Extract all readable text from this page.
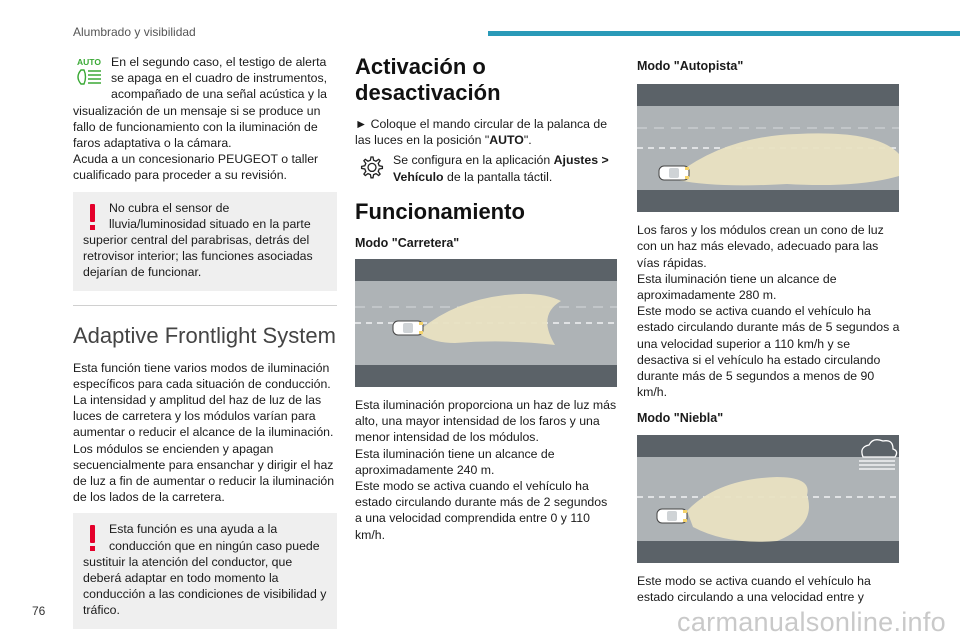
Alumbrado y visibilidad
AUTO En el segundo caso, el testigo de alerta se apaga en el cuadro de instrumentos, acompañado de una señal acústica y la visualización de un mensaje si se produce un fallo de funcionamiento con la iluminación de faros adaptativa o la cámara.

Acuda a un concesionario PEUGEOT o taller cualificado para proceder a su revisión.

No cubra el sensor de lluvia/luminosidad situado en la parte superior central del parabrisas, detrás del retrovisor interior; las funciones asociadas dejarían de funcionar.

Adaptive Frontlight System

Esta función tiene varios modos de iluminación específicos para cada situación de conducción.

La intensidad y amplitud del haz de luz de las luces de carretera y los módulos varían para aumentar o reducir el alcance de la iluminación.

Los módulos se encienden y apagan secuencialmente para ensanchar y dirigir el haz de luz a fin de aumentar o reducir la iluminación de los lados de la carretera.

Esta función es una ayuda a la conducción que en ningún caso puede sustituir la atención del conductor, que deberá adaptar en todo momento la conducción a las condiciones de visibilidad y tráfico.

Activación o desactivación

► Coloque el mando circular de la palanca de las luces en la posición "AUTO".

Se configura en la aplicación Ajustes >
Vehículo de la pantalla táctil.

Funcionamiento
Modo "Carretera"

Esta iluminación proporciona un haz de luz más alto, una mayor intensidad de los faros y una menor intensidad de los módulos.

Esta iluminación tiene un alcance de aproximadamente 240 m.

Este modo se activa cuando el vehículo ha estado circulando durante más de 2 segundos a una velocidad comprendida entre 0 y 110 km/h.

Modo "Autopista"

Los faros y los módulos crean un cono de luz con un haz más elevado, adecuado para las vías rápidas.

Esta iluminación tiene un alcance de aproximadamente 280 m.

Este modo se activa cuando el vehículo ha estado circulando durante más de 5 segundos a una velocidad superior a 110 km/h y se desactiva si el vehículo ha estado circulando durante más de 5 segundos a menos de 90 km/h.

Modo "Niebla"

Este modo se activa cuando el vehículo ha estado circulando a una velocidad entre y

76	carmanualsonline.info
